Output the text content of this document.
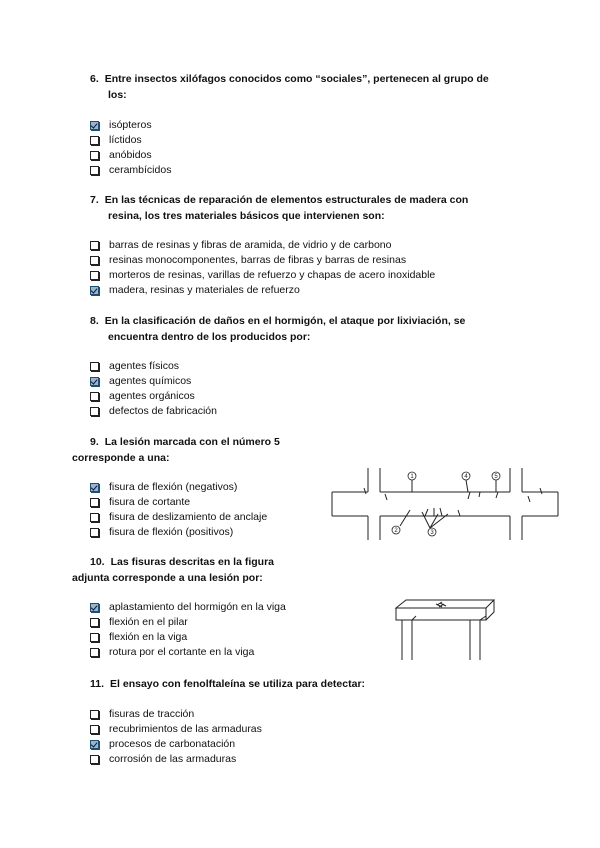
6. Entre insectos xilófagos conocidos como “sociales”, pertenecen al grupo de
los:
isópteros
líctidos
anóbidos
cerambícidos
7. En las técnicas de reparación de elementos estructurales de madera con
resina, los tres materiales básicos que intervienen son:
barras de resinas y fibras de aramida, de vidrio y de carbono
resinas monocomponentes, barras de fibras y barras de resinas
morteros de resinas, varillas de refuerzo y chapas de acero inoxidable
madera, resinas y materiales de refuerzo
8. En la clasificación de daños en el hormigón, el ataque por lixiviación, se
encuentra dentro de los producidos por:
agentes físicos
agentes químicos
agentes orgánicos
defectos de fabricación
9. La lesión marcada con el número 5
corresponde a una:
fisura de flexión (negativos)
fisura de cortante
fisura de deslizamiento de anclaje
fisura de flexión (positivos)
1
2	3
4	5
10. Las fisuras descritas en la figura
adjunta corresponde a una lesión por:
aplastamiento del hormigón en la viga
flexión en el pilar
flexión en la viga
rotura por el cortante en la viga
11. El ensayo con fenolftaleína se utiliza para detectar:
fisuras de tracción
recubrimientos de las armaduras
procesos de carbonatación
corrosión de las armaduras
